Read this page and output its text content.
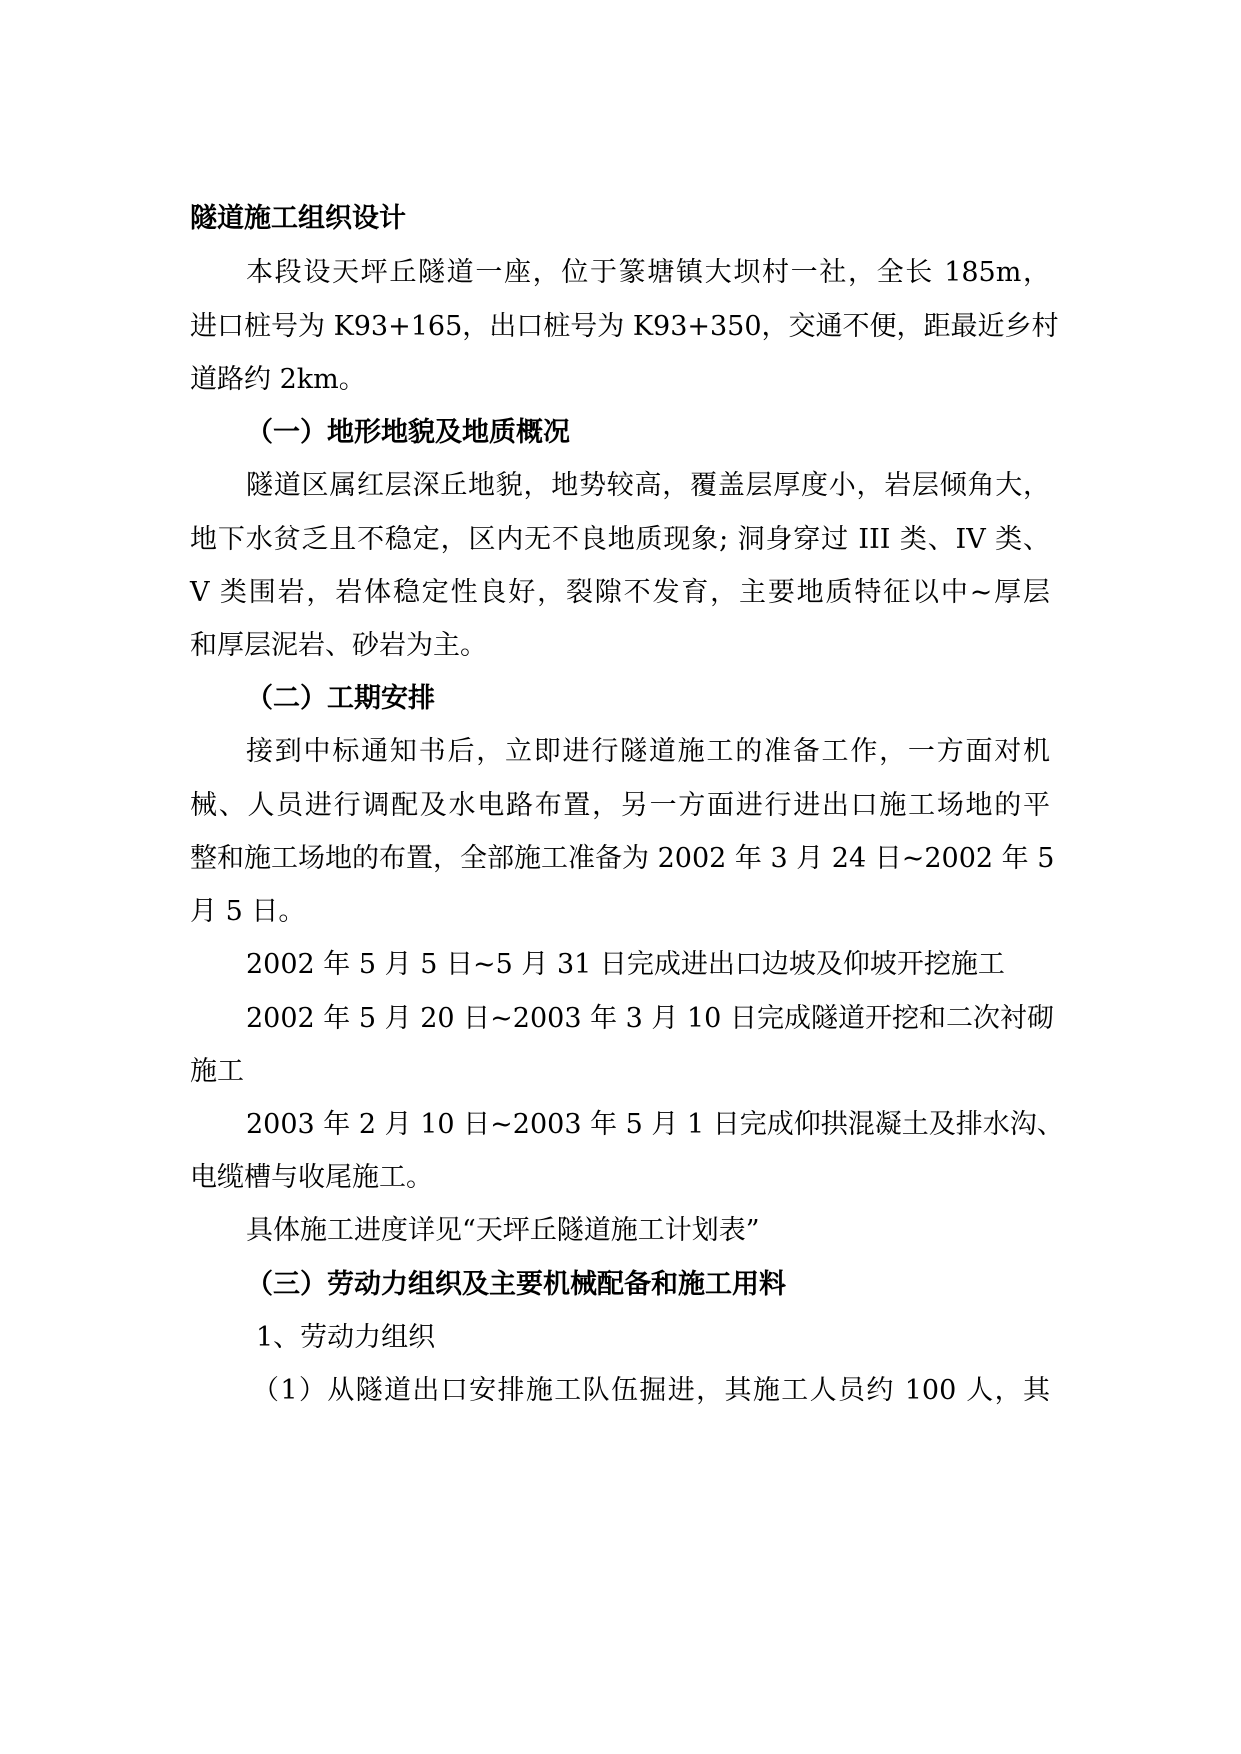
隧道施工组织设计
本段设天坪丘隧道一座，位于篆塘镇大坝村一社，全长 185m，
进口桩号为 K93+165，出口桩号为 K93+350，交通不便，距最近乡村
道路约 2km。
（一）地形地貌及地质概况
隧道区属红层深丘地貌，地势较高，覆盖层厚度小，岩层倾角大，
地下水贫乏且不稳定，区内无不良地质现象; 洞身穿过 III 类、IV 类、
V 类围岩，岩体稳定性良好，裂隙不发育，主要地质特征以中~厚层
和厚层泥岩、砂岩为主。
（二）工期安排
接到中标通知书后，立即进行隧道施工的准备工作，一方面对机
械、人员进行调配及水电路布置，另一方面进行进出口施工场地的平
整和施工场地的布置，全部施工准备为 2002 年 3 月 24 日~2002 年 5
月 5 日。
2002 年 5 月 5 日~5 月 31 日完成进出口边坡及仰坡开挖施工
2002 年 5 月 20 日~2003 年 3 月 10 日完成隧道开挖和二次衬砌
施工
2003 年 2 月 10 日~2003 年 5 月 1 日完成仰拱混凝土及排水沟、
电缆槽与收尾施工。
具体施工进度详见“天坪丘隧道施工计划表”
（三）劳动力组织及主要机械配备和施工用料
1、劳动力组织
（1）从隧道出口安排施工队伍掘进，其施工人员约 100 人，其
